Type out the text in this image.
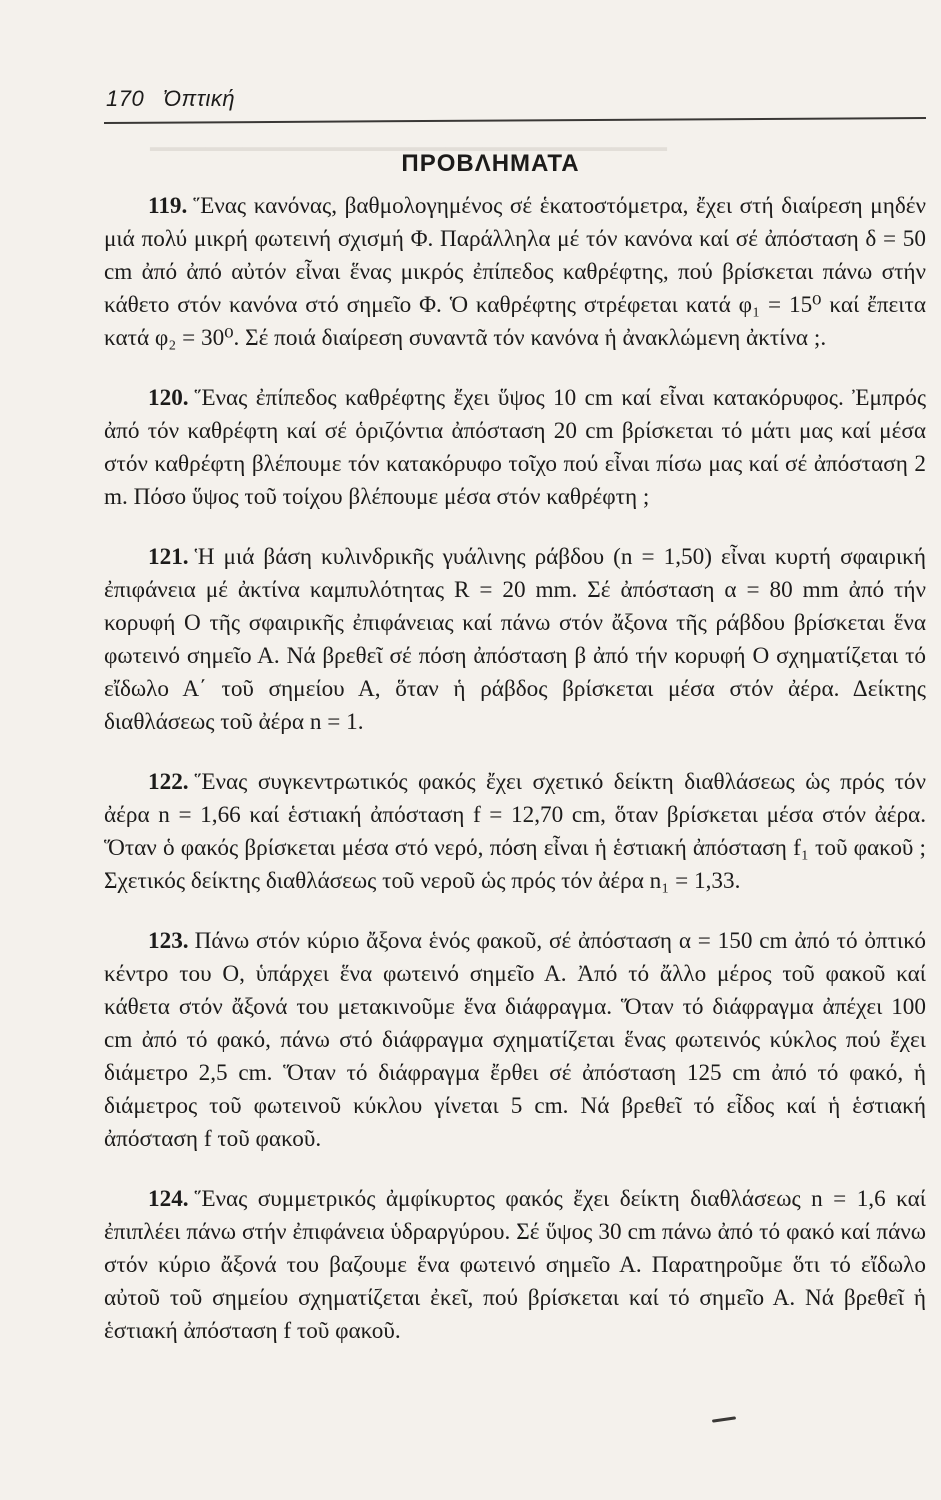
▁▁▁▁▁▁▁▁▁▁▁▁▁▁▁▁▁▁▁▁▁▁▁▁▁▁▁▁
170 Ὀπτική
ΠΡΟΒΛΗΜΑΤΑ

119. Ἕνας κανόνας, βαθμολογημένος σέ ἑκατοστόμετρα, ἔχει στή διαίρεση μηδέν μιά πολύ μικρή φωτεινή σχισμή Φ. Παράλληλα μέ τόν κανόνα καί σέ ἀπόσταση δ = 50 cm ἀπό ἀπό αὐτόν εἶναι ἕνας μικρός ἐπίπεδος καθρέφτης, πού βρίσκεται πάνω στήν κάθετο στόν κανόνα στό σημεῖο Φ. Ὁ καθρέφτης στρέφεται κατά φ₁ = 15⁰ καί ἔπειτα κατά φ₂ = 30⁰. Σέ ποιά διαίρεση συναντᾶ τόν κανόνα ἡ ἀνακλώμενη ἀκτίνα ;.

120. Ἕνας ἐπίπεδος καθρέφτης ἔχει ὕψος 10 cm καί εἶναι κατακόρυφος. Ἐμπρός ἀπό τόν καθρέφτη καί σέ ὁριζόντια ἀπόσταση 20 cm βρίσκεται τό μάτι μας καί μέσα στόν καθρέφτη βλέπουμε τόν κατακόρυφο τοῖχο πού εἶναι πίσω μας καί σέ ἀπόσταση 2 m. Πόσο ὕψος τοῦ τοίχου βλέπουμε μέσα στόν καθρέφτη ;

121. Ἡ μιά βάση κυλινδρικῆς γυάλινης ράβδου (n = 1,50) εἶναι κυρτή σφαιρική ἐπιφάνεια μέ ἀκτίνα καμπυλότητας R = 20 mm. Σέ ἀπόσταση α = 80 mm ἀπό τήν κορυφή Ο τῆς σφαιρικῆς ἐπιφάνειας καί πάνω στόν ἄξονα τῆς ράβδου βρίσκεται ἕνα φωτεινό σημεῖο Α. Νά βρεθεῖ σέ πόση ἀπόσταση β ἀπό τήν κορυφή Ο σχηματίζεται τό εἴδωλο Α΄ τοῦ σημείου Α, ὅταν ἡ ράβδος βρίσκεται μέσα στόν ἀέρα. Δείκτης διαθλάσεως τοῦ ἀέρα n = 1.

122. Ἕνας συγκεντρωτικός φακός ἔχει σχετικό δείκτη διαθλάσεως ὡς πρός τόν ἀέρα n = 1,66 καί ἑστιακή ἀπόσταση f = 12,70 cm, ὅταν βρίσκεται μέσα στόν ἀέρα. Ὅταν ὁ φακός βρίσκεται μέσα στό νερό, πόση εἶναι ἡ ἑστιακή ἀπόσταση f₁ τοῦ φακοῦ ; Σχετικός δείκτης διαθλάσεως τοῦ νεροῦ ὡς πρός τόν ἀέρα n₁ = 1,33.

123. Πάνω στόν κύριο ἄξονα ἑνός φακοῦ, σέ ἀπόσταση α = 150 cm ἀπό τό ὀπτικό κέντρο του Ο, ὑπάρχει ἕνα φωτεινό σημεῖο Α. Ἀπό τό ἄλλο μέρος τοῦ φακοῦ καί κάθετα στόν ἄξονά του μετακινοῦμε ἕνα διάφραγμα. Ὅταν τό διάφραγμα ἀπέχει 100 cm ἀπό τό φακό, πάνω στό διάφραγμα σχηματίζεται ἕνας φωτεινός κύκλος πού ἔχει διάμετρο 2,5 cm. Ὅταν τό διάφραγμα ἔρθει σέ ἀπόσταση 125 cm ἀπό τό φακό, ἡ διάμετρος τοῦ φωτεινοῦ κύκλου γίνεται 5 cm. Νά βρεθεῖ τό εἶδος καί ἡ ἑστιακή ἀπόσταση f τοῦ φακοῦ.

124. Ἕνας συμμετρικός ἀμφίκυρτος φακός ἔχει δείκτη διαθλάσεως n = 1,6 καί ἐπιπλέει πάνω στήν ἐπιφάνεια ὑδραργύρου. Σέ ὕψος 30 cm πάνω ἀπό τό φακό καί πάνω στόν κύριο ἄξονά του βαζουμε ἕνα φωτεινό σημεῖο Α. Παρατηροῦμε ὅτι τό εἴδωλο αὐτοῦ τοῦ σημείου σχηματίζεται ἐκεῖ, πού βρίσκεται καί τό σημεῖο Α. Νά βρεθεῖ ἡ ἑστιακή ἀπόσταση f τοῦ φακοῦ.
